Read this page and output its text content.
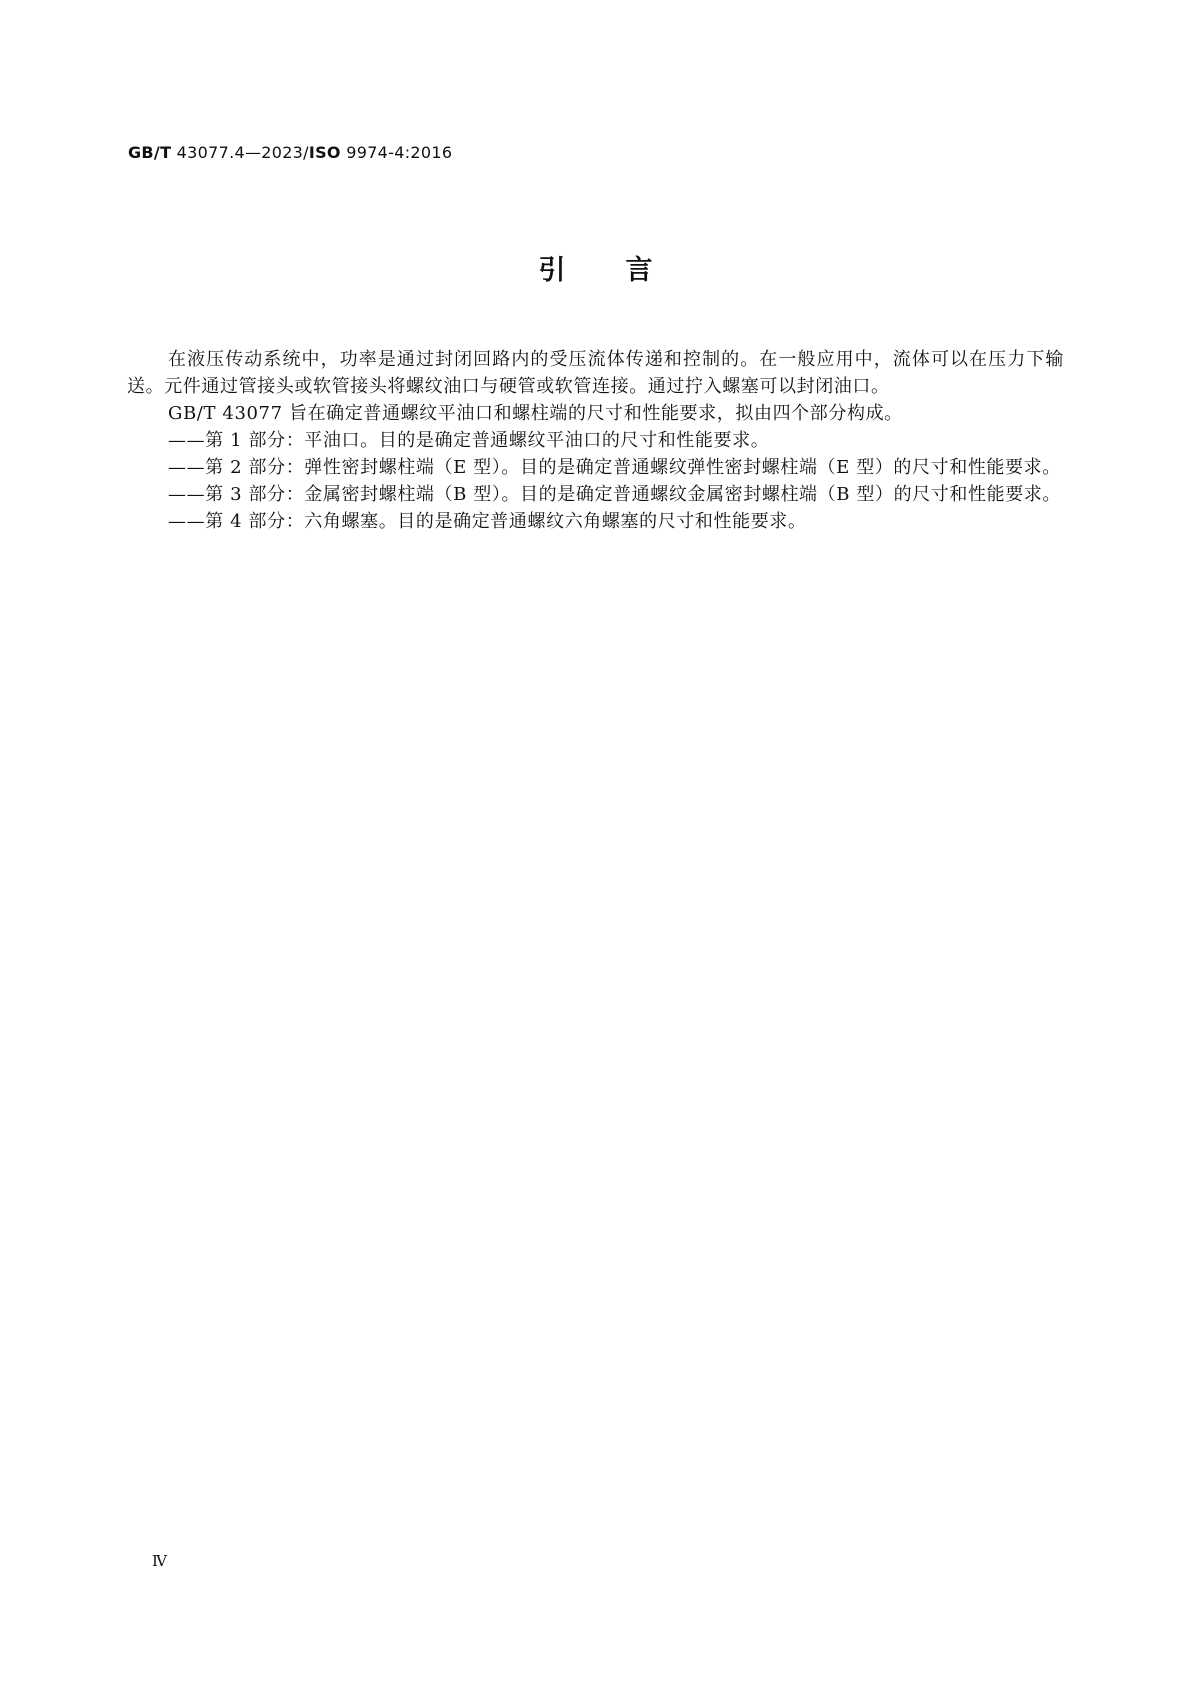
GB/T 43077.4—2023/ISO 9974-4:2016
引言

在液压传动系统中，功率是通过封闭回路内的受压流体传递和控制的。在一般应用中，流体可以在压力下输送。元件通过管接头或软管接头将螺纹油口与硬管或软管连接。通过拧入螺塞可以封闭油口。

GB/T 43077 旨在确定普通螺纹平油口和螺柱端的尺寸和性能要求，拟由四个部分构成。

——第 1 部分：平油口。目的是确定普通螺纹平油口的尺寸和性能要求。

——第 2 部分：弹性密封螺柱端（E 型）。目的是确定普通螺纹弹性密封螺柱端（E 型）的尺寸和性能要求。

——第 3 部分：金属密封螺柱端（B 型）。目的是确定普通螺纹金属密封螺柱端（B 型）的尺寸和性能要求。

——第 4 部分：六角螺塞。目的是确定普通螺纹六角螺塞的尺寸和性能要求。

Ⅳ
